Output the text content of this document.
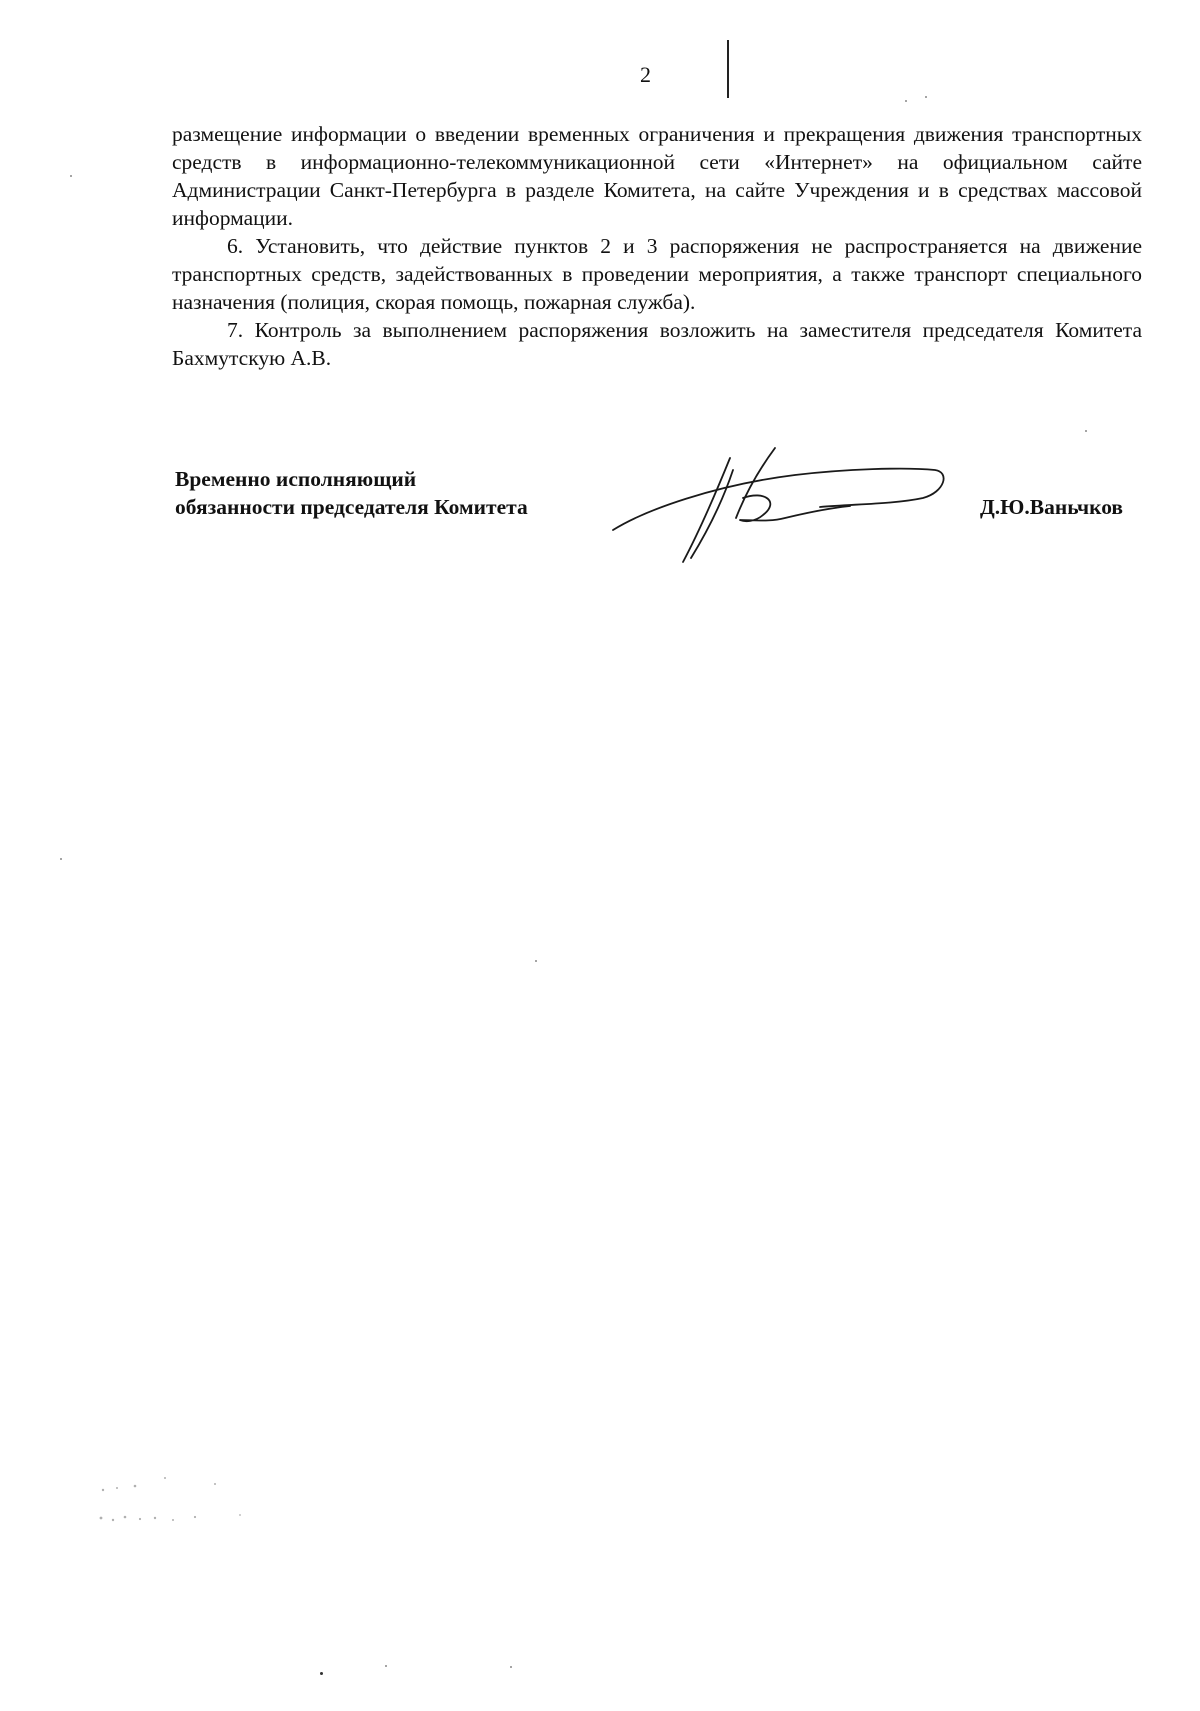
2

размещение информации о введении временных ограничения и прекращения движения транспортных средств в информационно-телекоммуникационной сети «Интернет» на официальном сайте Администрации Санкт-Петербурга в разделе Комитета, на сайте Учреждения и в средствах массовой информации.

6. Установить, что действие пунктов 2 и 3 распоряжения не распространяется на движение транспортных средств, задействованных в проведении мероприятия, а также транспорт специального назначения (полиция, скорая помощь, пожарная служба).

7. Контроль за выполнением распоряжения возложить на заместителя председателя Комитета Бахмутскую А.В.

Временно исполняющий
обязанности председателя Комитета	Д.Ю.Ваньчков
